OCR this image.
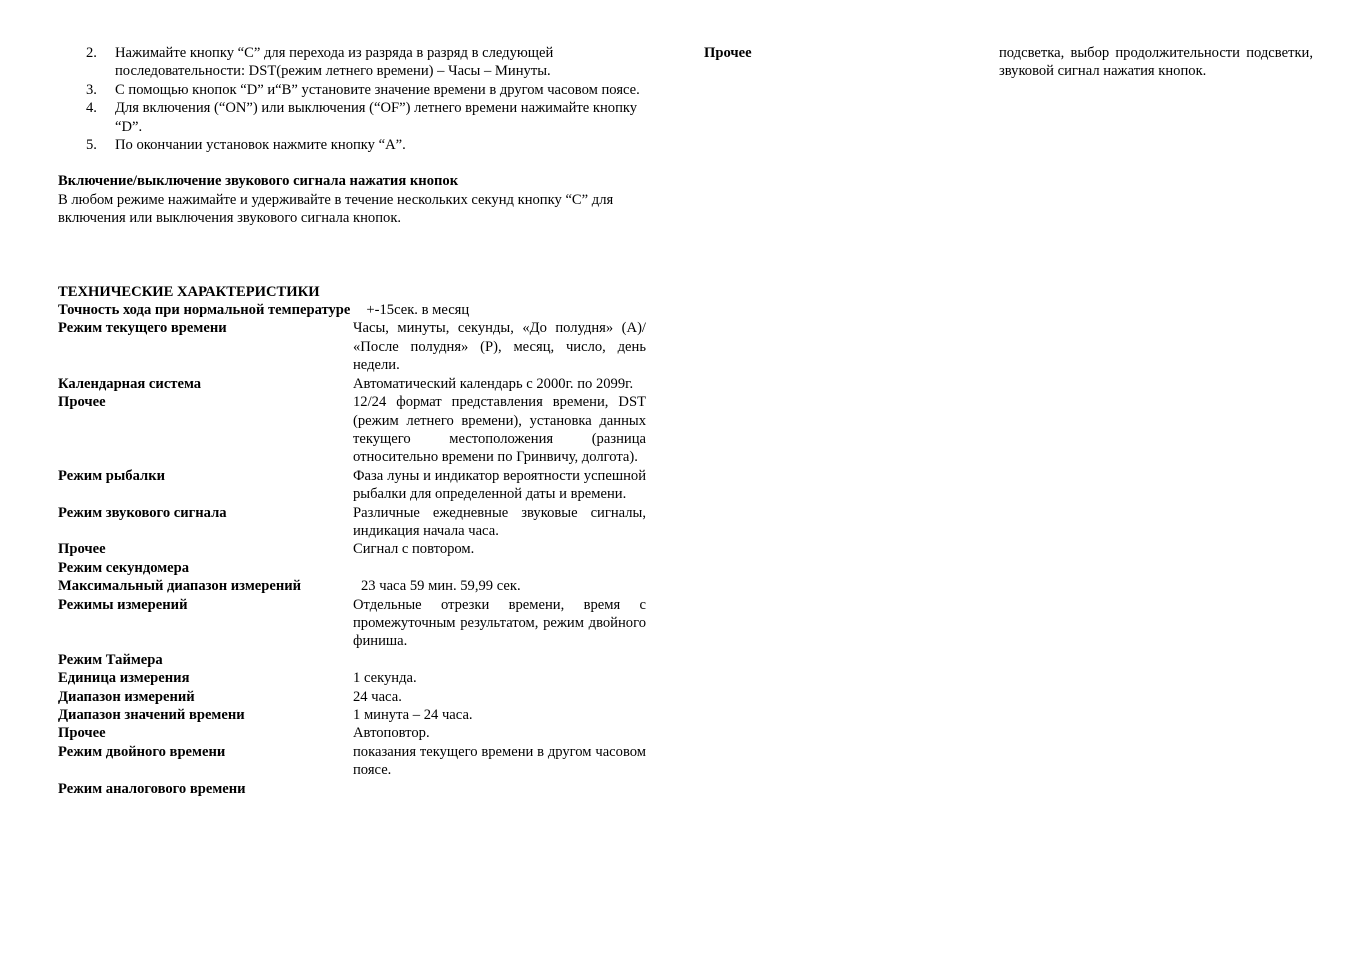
2. Нажимайте кнопку “С” для перехода из разряда в разряд в следующей последовательности: DST(режим летнего времени) – Часы – Минуты.
3. С помощью кнопок “D” и“B” установите значение времени в другом часовом поясе.
4. Для включения (“ON”) или выключения (“OF”) летнего времени нажимайте кнопку “D”.
5. По окончании установок нажмите кнопку “А”.
Включение/выключение звукового сигнала нажатия кнопок
В любом режиме нажимайте и удерживайте в течение нескольких секунд кнопку “С” для включения или выключения звукового сигнала кнопок.
ТЕХНИЧЕСКИЕ ХАРАКТЕРИСТИКИ
Точность хода при нормальной температуре +-15сек. в месяц
Режим текущего времени	Часы, минуты, секунды, «До полудня» (А)/ «После полудня» (Р), месяц, число, день недели.
Календарная система	Автоматический календарь с 2000г. по 2099г.
Прочее	12/24 формат представления времени, DST (режим летнего времени), установка данных текущего местоположения (разница относительно времени по Гринвичу, долгота).
Режим рыбалки	Фаза луны и индикатор вероятности успешной рыбалки для определенной даты и времени.
Режим звукового сигнала	Различные ежедневные звуковые сигналы, индикация начала часа.
Прочее	Сигнал с повтором.
Режим секундомера
Максимальный диапазон измерений	23 часа 59 мин. 59,99 сек.
Режимы измерений	Отдельные отрезки времени, время с промежуточным результатом, режим двойного финиша.
Режим Таймера
Единица измерения	1 секунда.
Диапазон измерений	24 часа.
Диапазон значений времени	1 минута – 24 часа.
Прочее	Автоповтор.
Режим двойного времени	показания текущего времени в другом часовом поясе.
Режим аналогового времени
Прочее	подсветка, выбор продолжительности подсветки, звуковой сигнал нажатия кнопок.
